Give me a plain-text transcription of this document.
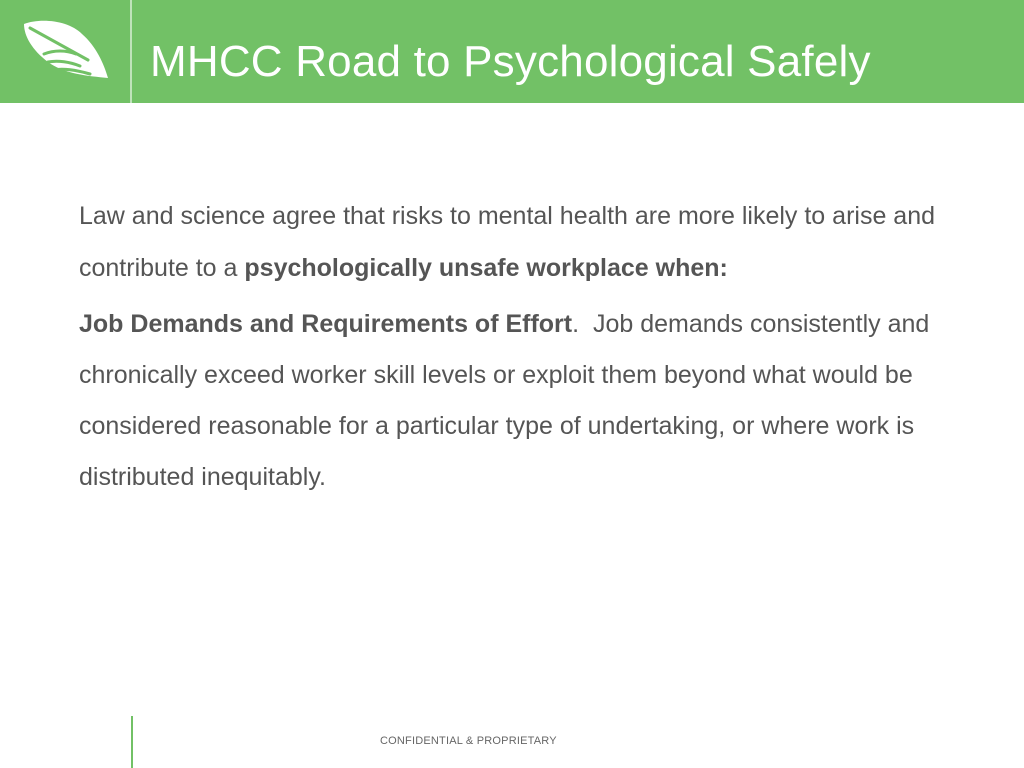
MHCC Road to Psychological Safely

Law and science agree that risks to mental health are more likely to arise and contribute to a psychologically unsafe workplace when:

Job Demands and Requirements of Effort.  Job demands consistently and chronically exceed worker skill levels or exploit them beyond what would be considered reasonable for a particular type of undertaking, or where work is distributed inequitably.

CONFIDENTIAL & PROPRIETARY
